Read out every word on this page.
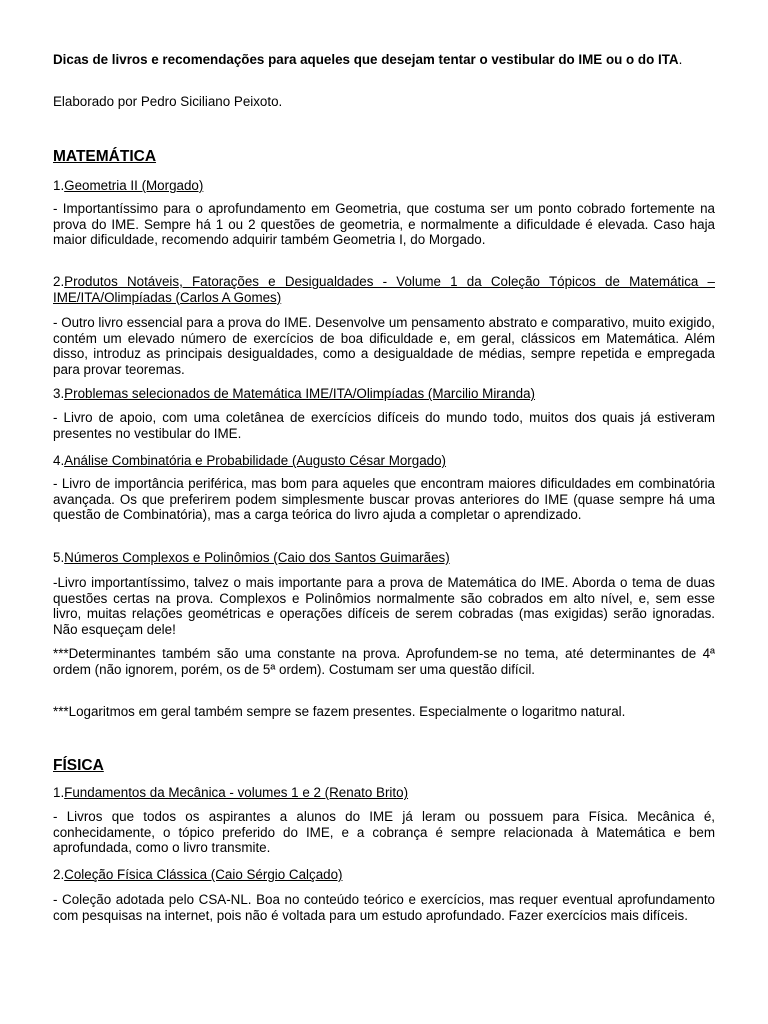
Dicas de livros e recomendações para aqueles que desejam tentar o vestibular do IME ou o do ITA.

Elaborado por Pedro Siciliano Peixoto.

MATEMÁTICA

1.Geometria II (Morgado)

- Importantíssimo para o aprofundamento em Geometria, que costuma ser um ponto cobrado fortemente na prova do IME. Sempre há 1 ou 2 questões de geometria, e normalmente a dificuldade é elevada. Caso haja maior dificuldade, recomendo adquirir também Geometria I, do Morgado.

2.Produtos Notáveis, Fatorações e Desigualdades - Volume 1 da Coleção Tópicos de Matemática – IME/ITA/Olimpíadas (Carlos A Gomes)

- Outro livro essencial para a prova do IME. Desenvolve um pensamento abstrato e comparativo, muito exigido, contém um elevado número de exercícios de boa dificuldade e, em geral, clássicos em Matemática. Além disso, introduz as principais desigualdades, como a desigualdade de médias, sempre repetida e empregada para provar teoremas.

3.Problemas selecionados de Matemática IME/ITA/Olimpíadas (Marcilio Miranda)

- Livro de apoio, com uma coletânea de exercícios difíceis do mundo todo, muitos dos quais já estiveram presentes no vestibular do IME.

4.Análise Combinatória e Probabilidade (Augusto César Morgado)

- Livro de importância periférica, mas bom para aqueles que encontram maiores dificuldades em combinatória avançada. Os que preferirem podem simplesmente buscar provas anteriores do IME (quase sempre há uma questão de Combinatória), mas a carga teórica do livro ajuda a completar o aprendizado.

5.Números Complexos e Polinômios (Caio dos Santos Guimarães)

-Livro importantíssimo, talvez o mais importante para a prova de Matemática do IME. Aborda o tema de duas questões certas na prova. Complexos e Polinômios normalmente são cobrados em alto nível, e, sem esse livro, muitas relações geométricas e operações difíceis de serem cobradas (mas exigidas) serão ignoradas. Não esqueçam dele!

***Determinantes também são uma constante na prova. Aprofundem-se no tema, até determinantes de 4ª ordem (não ignorem, porém, os de 5ª ordem). Costumam ser uma questão difícil.

***Logaritmos em geral também sempre se fazem presentes. Especialmente o logaritmo natural.

FÍSICA

1.Fundamentos da Mecânica - volumes 1 e 2 (Renato Brito)

- Livros que todos os aspirantes a alunos do IME já leram ou possuem para Física. Mecânica é, conhecidamente, o tópico preferido do IME, e a cobrança é sempre relacionada à Matemática e bem aprofundada, como o livro transmite.

2.Coleção Física Clássica (Caio Sérgio Calçado)

- Coleção adotada pelo CSA-NL. Boa no conteúdo teórico e exercícios, mas requer eventual aprofundamento com pesquisas na internet, pois não é voltada para um estudo aprofundado. Fazer exercícios mais difíceis.
